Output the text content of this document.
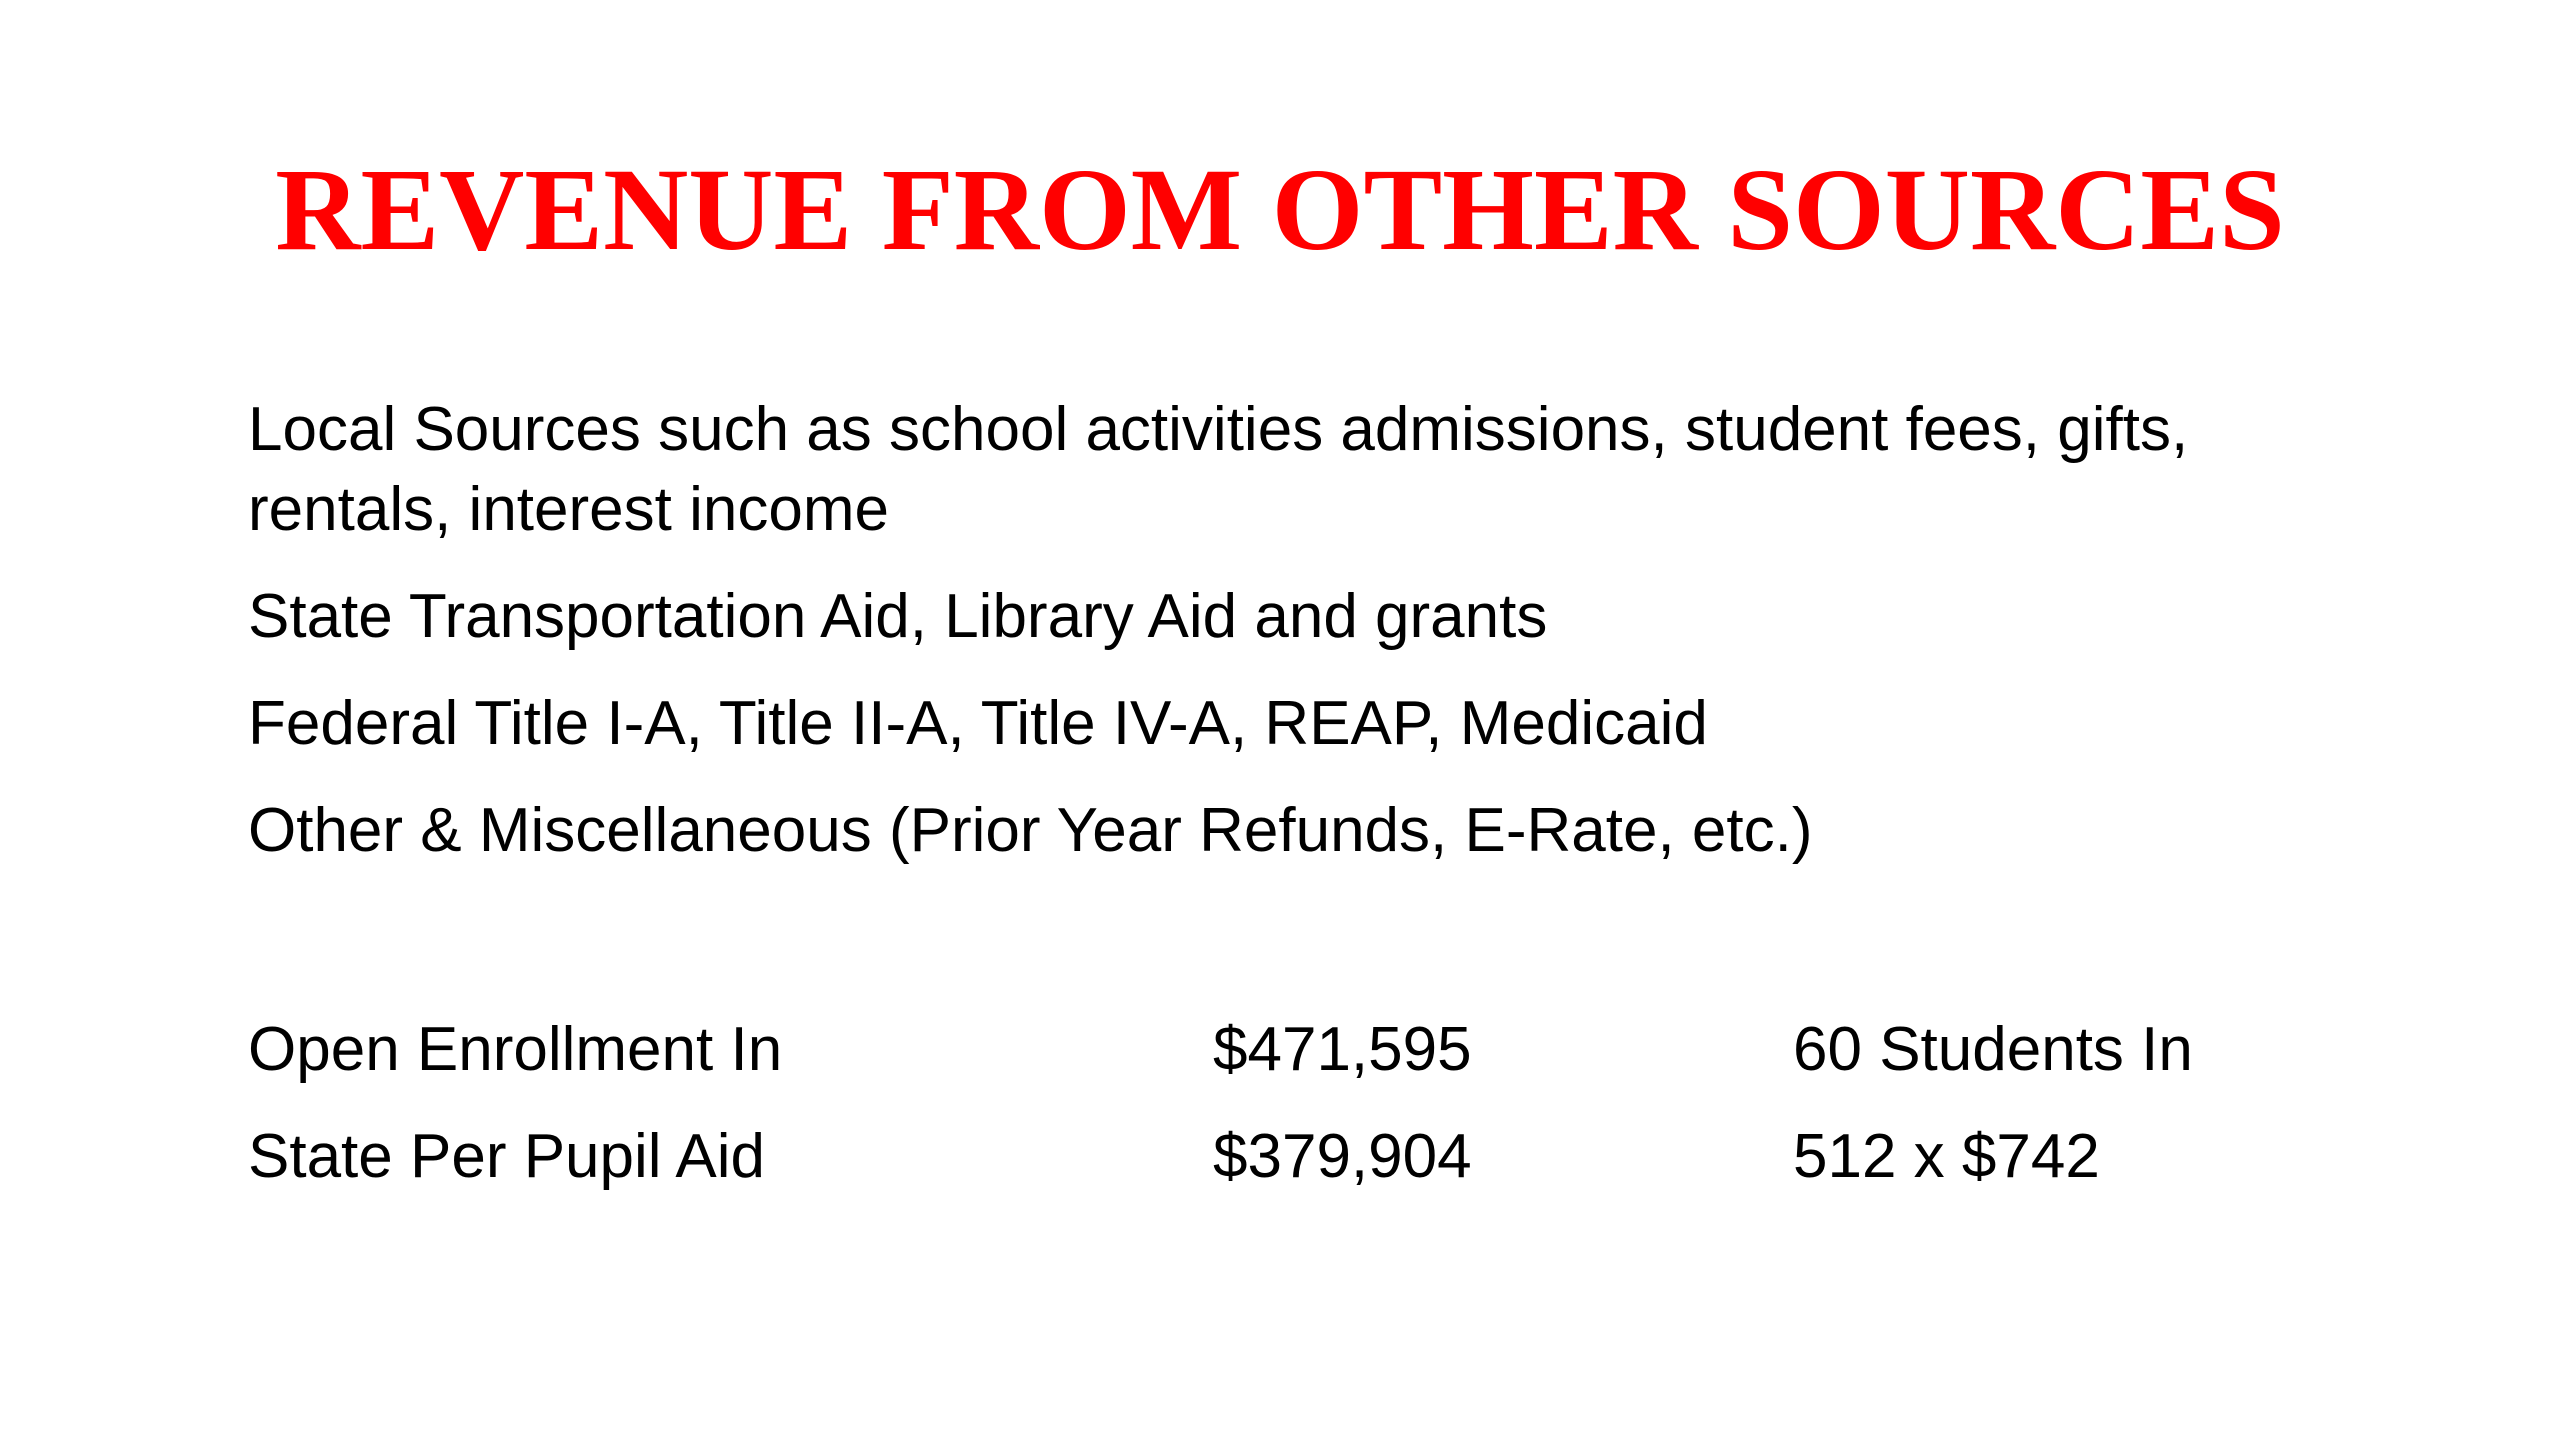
REVENUE FROM OTHER SOURCES
Local Sources such as school activities admissions, student fees, gifts, rentals, interest income
State Transportation Aid, Library Aid and grants
Federal Title I-A, Title II-A, Title IV-A, REAP, Medicaid
Other & Miscellaneous (Prior Year Refunds, E-Rate, etc.)
Open Enrollment In	$471,595	60 Students In
State Per Pupil Aid	$379,904	512 x $742
